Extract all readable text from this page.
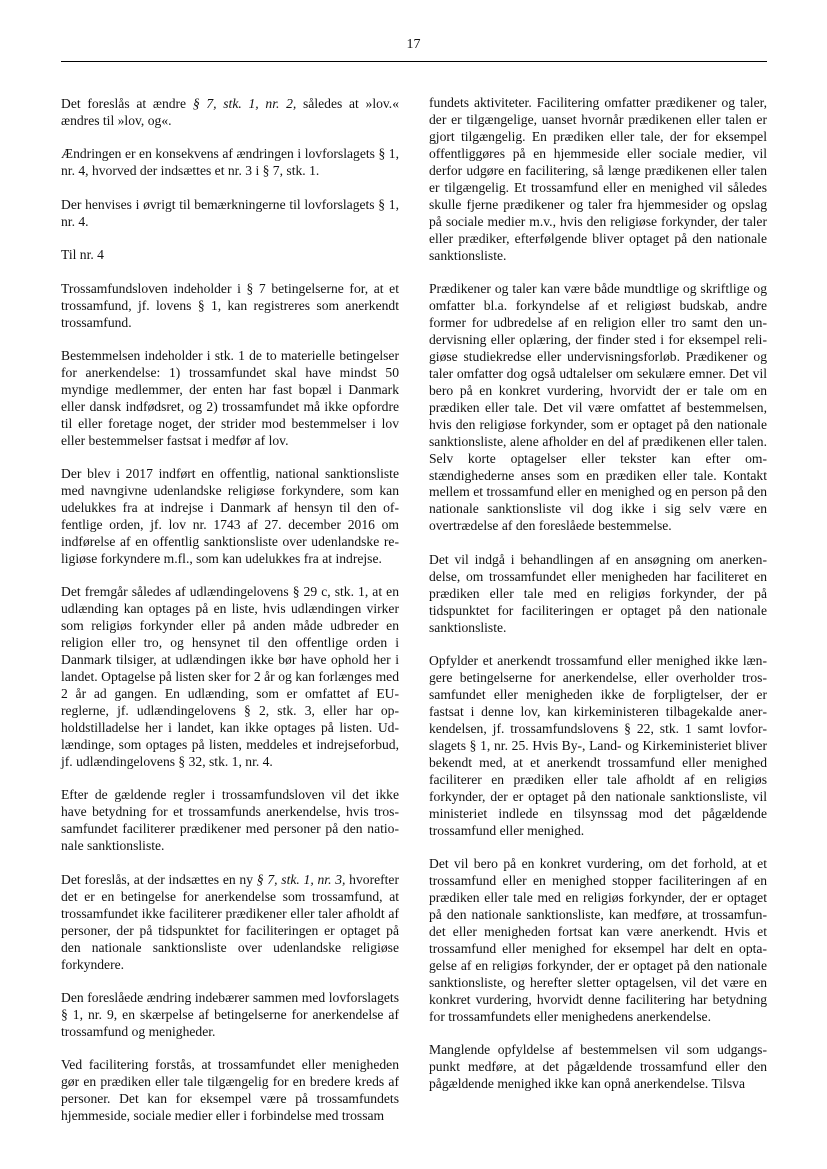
17

Det foreslås at ændre § 7, stk. 1, nr. 2, således at »lov.« ændres til »lov, og«.

Ændringen er en konsekvens af ændringen i lovforslagets § 1, nr. 4, hvorved der indsættes et nr. 3 i § 7, stk. 1.

Der henvises i øvrigt til bemærkningerne til lovforslagets § 1, nr. 4.

Til nr. 4

Trossamfundsloven indeholder i § 7 betingelserne for, at et trossamfund, jf. lovens § 1, kan registreres som anerkendt trossamfund.

Bestemmelsen indeholder i stk. 1 de to materielle betingelser for anerkendelse: 1) trossamfundet skal have mindst 50 myndige medlemmer, der enten har fast bopæl i Danmark eller dansk indfødsret, og 2) trossamfundet må ikke opfordre til eller foretage noget, der strider mod bestemmelser i lov eller bestemmelser fastsat i medfør af lov.

Der blev i 2017 indført en offentlig, national sanktionsliste med navngivne udenlandske religiøse forkyndere, som kan udelukkes fra at indrejse i Danmark af hensyn til den offentlige orden, jf. lov nr. 1743 af 27. december 2016 om indførelse af en offentlig sanktionsliste over udenlandske religiøse forkyndere m.fl., som kan udelukkes fra at indrejse.

Det fremgår således af udlændingelovens § 29 c, stk. 1, at en udlænding kan optages på en liste, hvis udlændingen virker som religiøs forkynder eller på anden måde udbreder en religion eller tro, og hensynet til den offentlige orden i Danmark tilsiger, at udlændingen ikke bør have ophold her i landet. Optagelse på listen sker for 2 år og kan forlænges med 2 år ad gangen. En udlænding, som er omfattet af EU-reglerne, jf. udlændingelovens § 2, stk. 3, eller har opholdstilladelse her i landet, kan ikke optages på listen. Udlændinge, som optages på listen, meddeles et indrejseforbud, jf. udlændingelovens § 32, stk. 1, nr. 4.

Efter de gældende regler i trossamfundsloven vil det ikke have betydning for et trossamfunds anerkendelse, hvis trossamfundet faciliterer prædikener med personer på den nationale sanktionsliste.

Det foreslås, at der indsættes en ny § 7, stk. 1, nr. 3, hvorefter det er en betingelse for anerkendelse som trossamfund, at trossamfundet ikke faciliterer prædikener eller taler afholdt af personer, der på tidspunktet for faciliteringen er optaget på den nationale sanktionsliste over udenlandske religiøse forkyndere.

Den foreslåede ændring indebærer sammen med lovforslagets § 1, nr. 9, en skærpelse af betingelserne for anerkendelse af trossamfund og menigheder.

Ved facilitering forstås, at trossamfundet eller menigheden gør en prædiken eller tale tilgængelig for en bredere kreds af personer. Det kan for eksempel være på trossamfundets hjemmeside, sociale medier eller i forbindelse med trossam

fundets aktiviteter. Facilitering omfatter prædikener og taler, der er tilgængelige, uanset hvornår prædikenen eller talen er gjort tilgængelig. En prædiken eller tale, der for eksempel offentliggøres på en hjemmeside eller sociale medier, vil derfor udgøre en facilitering, så længe prædikenen eller talen er tilgængelig. Et trossamfund eller en menighed vil således skulle fjerne prædikener og taler fra hjemmesider og opslag på sociale medier m.v., hvis den religiøse forkynder, der taler eller prædiker, efterfølgende bliver optaget på den nationale sanktionsliste.

Prædikener og taler kan være både mundtlige og skriftlige og omfatter bl.a. forkyndelse af et religiøst budskab, andre former for udbredelse af en religion eller tro samt den undervisning eller oplæring, der finder sted i for eksempel religiøse studiekredse eller undervisningsforløb. Prædikener og taler omfatter dog også udtalelser om sekulære emner. Det vil bero på en konkret vurdering, hvorvidt der er tale om en prædiken eller tale. Det vil være omfattet af bestemmelsen, hvis den religiøse forkynder, som er optaget på den nationale sanktionsliste, alene afholder en del af prædikenen eller talen. Selv korte optagelser eller tekster kan efter omstændighederne anses som en prædiken eller tale. Kontakt mellem et trossamfund eller en menighed og en person på den nationale sanktionsliste vil dog ikke i sig selv være en overtrædelse af den foreslåede bestemmelse.

Det vil indgå i behandlingen af en ansøgning om anerkendelse, om trossamfundet eller menigheden har faciliteret en prædiken eller tale med en religiøs forkynder, der på tidspunktet for faciliteringen er optaget på den nationale sanktionsliste.

Opfylder et anerkendt trossamfund eller menighed ikke længere betingelserne for anerkendelse, eller overholder trossamfundet eller menigheden ikke de forpligtelser, der er fastsat i denne lov, kan kirkeministeren tilbagekalde anerkendelsen, jf. trossamfundslovens § 22, stk. 1 samt lovforslagets § 1, nr. 25. Hvis By-, Land- og Kirkeministeriet bliver bekendt med, at et anerkendt trossamfund eller menighed faciliterer en prædiken eller tale afholdt af en religiøs forkynder, der er optaget på den nationale sanktionsliste, vil ministeriet indlede en tilsynssag mod det pågældende trossamfund eller menighed.

Det vil bero på en konkret vurdering, om det forhold, at et trossamfund eller en menighed stopper faciliteringen af en prædiken eller tale med en religiøs forkynder, der er optaget på den nationale sanktionsliste, kan medføre, at trossamfundet eller menigheden fortsat kan være anerkendt. Hvis et trossamfund eller menighed for eksempel har delt en optagelse af en religiøs forkynder, der er optaget på den nationale sanktionsliste, og herefter sletter optagelsen, vil det være en konkret vurdering, hvorvidt denne facilitering har betydning for trossamfundets eller menighedens anerkendelse.

Manglende opfyldelse af bestemmelsen vil som udgangspunkt medføre, at det pågældende trossamfund eller den pågældende menighed ikke kan opnå anerkendelse. Tilsva
